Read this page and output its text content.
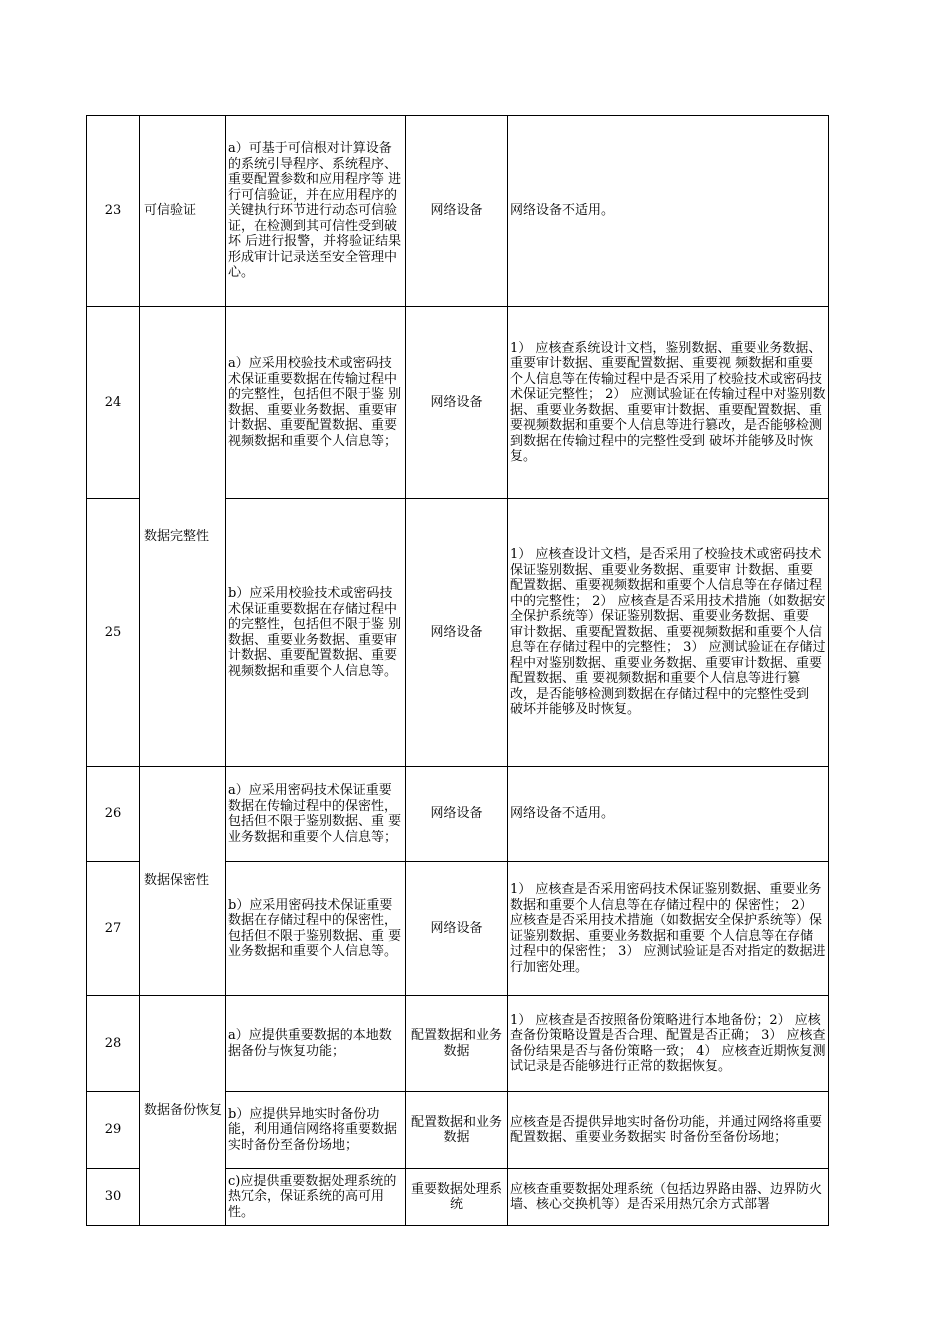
23	可信验证	a）可基于可信根对计算设备的系统引导程序、系统程序、重要配置参数和应用程序等 进行可信验证，并在应用程序的关键执行环节进行动态可信验证，在检测到其可信性受到破坏 后进行报警，并将验证结果形成审计记录送至安全管理中心。	网络设备	网络设备不适用。
24	数据完整性	a）应采用校验技术或密码技术保证重要数据在传输过程中的完整性，包括但不限于鉴 别数据、重要业务数据、重要审计数据、重要配置数据、重要视频数据和重要个人信息等；	网络设备	1） 应核查系统设计文档，鉴别数据、重要业务数据、重要审计数据、重要配置数据、重要视 频数据和重要个人信息等在传输过程中是否采用了校验技术或密码技术保证完整性； 2） 应测试验证在传输过程中对鉴别数据、重要业务数据、重要审计数据、重要配置数据、重 要视频数据和重要个人信息等进行篡改，是否能够检测到数据在传输过程中的完整性受到 破坏并能够及时恢复。
25		b）应采用校验技术或密码技术保证重要数据在存储过程中的完整性，包括但不限于鉴 别数据、重要业务数据、重要审计数据、重要配置数据、重要视频数据和重要个人信息等。	网络设备	1） 应核查设计文档，是否采用了校验技术或密码技术保证鉴别数据、重要业务数据、重要审 计数据、重要配置数据、重要视频数据和重要个人信息等在存储过程中的完整性； 2） 应核查是否采用技术措施（如数据安全保护系统等）保证鉴别数据、重要业务数据、重要 审计数据、重要配置数据、重要视频数据和重要个人信息等在存储过程中的完整性； 3） 应测试验证在存储过程中对鉴别数据、重要业务数据、重要审计数据、重要配置数据、重 要视频数据和重要个人信息等进行篡改，是否能够检测到数据在存储过程中的完整性受到 破坏并能够及时恢复。
26	数据保密性	a）应采用密码技术保证重要数据在传输过程中的保密性，包括但不限于鉴别数据、重 要业务数据和重要个人信息等；	网络设备	网络设备不适用。
27		b）应采用密码技术保证重要数据在存储过程中的保密性，包括但不限于鉴别数据、重 要业务数据和重要个人信息等。	网络设备	1） 应核查是否采用密码技术保证鉴别数据、重要业务数据和重要个人信息等在存储过程中的 保密性； 2） 应核查是否采用技术措施（如数据安全保护系统等）保证鉴别数据、重要业务数据和重要 个人信息等在存储过程中的保密性； 3） 应测试验证是否对指定的数据进行加密处理。
28	数据备份恢复	a）应提供重要数据的本地数据备份与恢复功能；	配置数据和业务数据	1） 应核查是否按照备份策略进行本地备份；2） 应核查备份策略设置是否合理、配置是否正确； 3） 应核查备份结果是否与备份策略一致； 4） 应核查近期恢复测试记录是否能够进行正常的数据恢复。
29		b）应提供异地实时备份功能，利用通信网络将重要数据实时备份至备份场地；	配置数据和业务数据	应核查是否提供异地实时备份功能，并通过网络将重要配置数据、重要业务数据实 时备份至备份场地；
30		c)应提供重要数据处理系统的热冗余，保证系统的高可用性。	重要数据处理系统	应核查重要数据处理系统（包括边界路由器、边界防火墙、核心交换机等）是否采用热冗余方式部署
